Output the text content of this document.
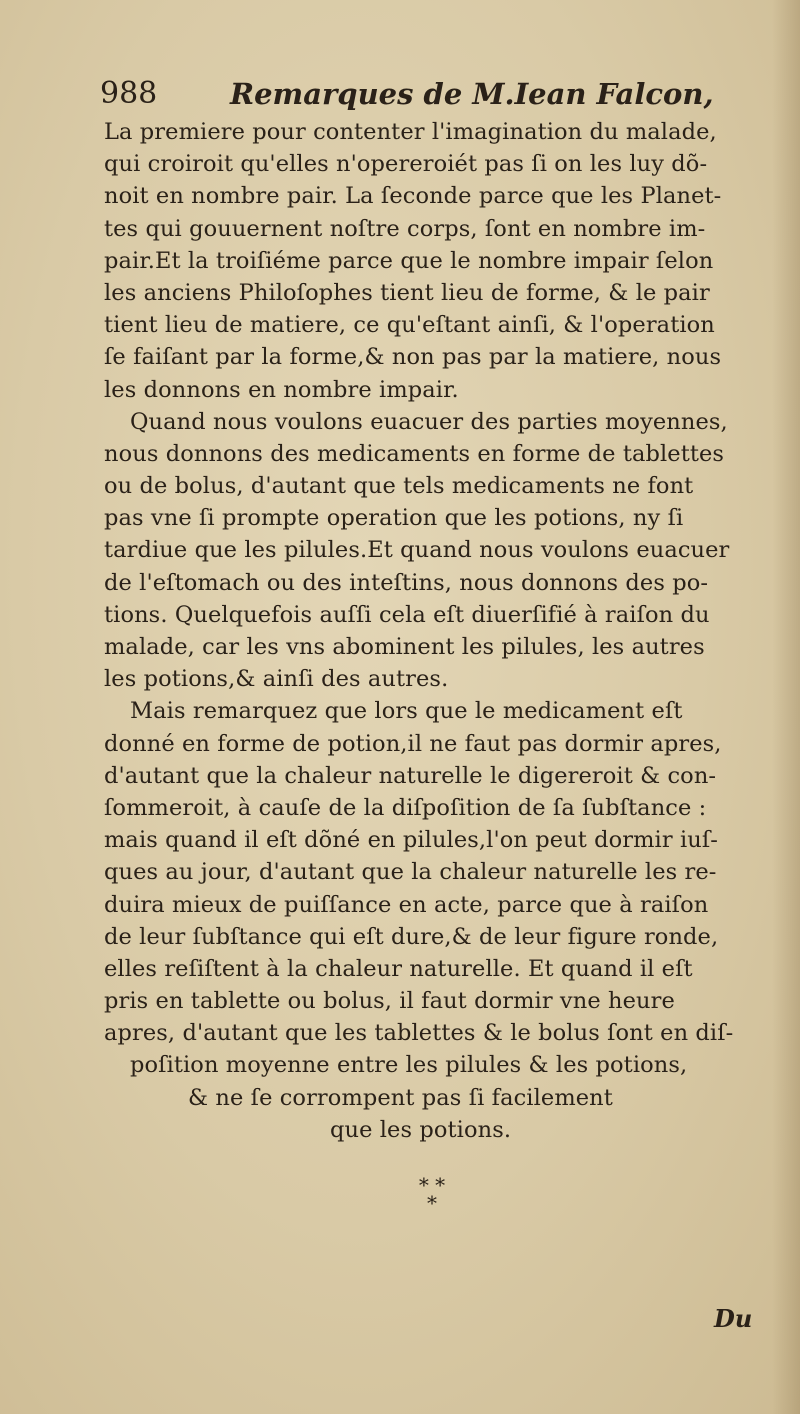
988	Remarques de M.Iean Falcon,
La premiere pour contenter l'imagination du malade,
qui croiroit qu'elles n'opereroiét pas ſi on les luy dõ-
noit en nombre pair. La ſeconde parce que les Planet-
tes qui gouuernent noſtre corps, ſont en nombre im-
pair.Et la troiſiéme parce que le nombre impair ſelon
les anciens Philoſophes tient lieu de forme, & le pair
tient lieu de matiere, ce qu'eſtant ainſi, & l'operation
ſe faiſant par la forme,& non pas par la matiere, nous
les donnons en nombre impair.
Quand nous voulons euacuer des parties moyennes,
nous donnons des medicaments en forme de tablettes
ou de bolus, d'autant que tels medicaments ne font
pas vne ſi prompte operation que les potions, ny ſi
tardiue que les pilules.Et quand nous voulons euacuer
de l'eſtomach ou des inteſtins, nous donnons des po-
tions. Quelquefois auſſi cela eſt diuerſifié à raiſon du
malade, car les vns abominent les pilules, les autres
les potions,& ainſi des autres.
Mais remarquez que lors que le medicament eſt
donné en forme de potion,il ne faut pas dormir apres,
d'autant que la chaleur naturelle le digereroit & con-
ſommeroit, à cauſe de la diſpoſition de ſa ſubſtance :
mais quand il eſt dõné en pilules,l'on peut dormir iuſ-
ques au jour, d'autant que la chaleur naturelle les re-
duira mieux de puiſſance en acte, parce que à raiſon
de leur ſubſtance qui eſt dure,& de leur figure ronde,
elles reſiſtent à la chaleur naturelle. Et quand il eſt
pris en tablette ou bolus, il faut dormir vne heure
apres, d'autant que les tablettes & le bolus ſont en diſ-
poſition moyenne entre les pilules & les potions,
& ne ſe corrompent pas ſi facilement
que les potions.
* *
*
Du
